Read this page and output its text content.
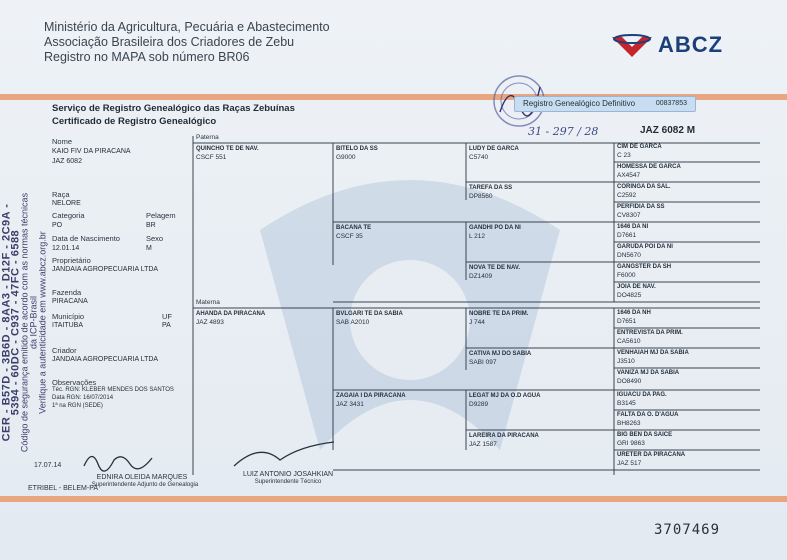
Ministério da Agricultura, Pecuária e Abastecimento
Associação Brasileira dos Criadores de Zebu
Registro no MAPA sob número BR06	ABCZ
CER - B57D - 3B6D - 8AA3 - D12F - 2C9A - 5394 - 60DC - C937 - 47FC - 6588
Código de segurança emitido de acordo com as normas técnicas da ICP-Brasil Verifique a autenticidade em www.abcz.org.br
Serviço de Registro Genealógico das Raças Zebuínas
Certificado de Registro Genealógico
Registro Genealógico Definitivo	00837853
31 - 297 / 28	JAZ 6082 M
Nome
KAIO FIV DA PIRACANA
JAZ 6082
Raça
NELORE
Categoria
PO
Pelagem
BR
Data de Nascimento
12.01.14
Sexo
M
Proprietário
JANDAIA AGROPECUARIA LTDA
Fazenda
PIRACANA
Município
ITAITUBA
UF
PA
Criador
JANDAIA AGROPECUARIA LTDA
Observações
Téc. RGN: KLEBER MENDES DOS SANTOS
Data RGN: 16/07/2014
1ª na RGN (SEDE)
Paterna
Materna
QUINCHO TE DE NAV.
CSCF 551
BITELO DA SS
G9000
BACANA TE
CSCF 35
LUDY DE GARCA
C5740
TAREFA DA SS
DP8560
GANDHI PO DA NI
L 212
NOVA TE DE NAV.
DZ1409
CIM DE GARCA
C 23
HOMESSA DE GARCA
AX4547
CORINGA DA SAL.
C2592
PERFIDIA DA SS
CV8307
1646 DA NI
D7661
GARUDA POI DA NI
DN5670
GANGSTER DA SH
F6000
JOIA DE NAV.
DO4825
AHANDA DA PIRACANA
JAZ 4893
BVLGARI TE DA SABIA
SAB A2010
ZAGAIA I DA PIRACANA
JAZ 3431
NOBRE TE DA PRIM.
J 744
CATIVA MJ DO SABIA
SABI 097
LEGAT MJ DA O.D AGUA
D9289
LAREIRA DA PIRACANA
JAZ 1587
1646 DA NH
D7651
ENTREVISTA DA PRIM.
CA5610
VENHAIAH MJ DA SABIA
J3510
VANIZA MJ DA SABIA
DO8490
IGUACU DA PAG.
B3145
FALTA DA O. D'AGUA
BH8263
BIG BEN DA SAICE
GRI 9863
URETER DA PIRACANA
JAZ 517
17.07.14
EDNIRA OLEIDA MARQUES
Superintendente Adjunto de Genealogia
LUIZ ANTONIO JOSAHKIAN
Superintendente Técnico
ETRIBEL - BELEM-PA
3707469
